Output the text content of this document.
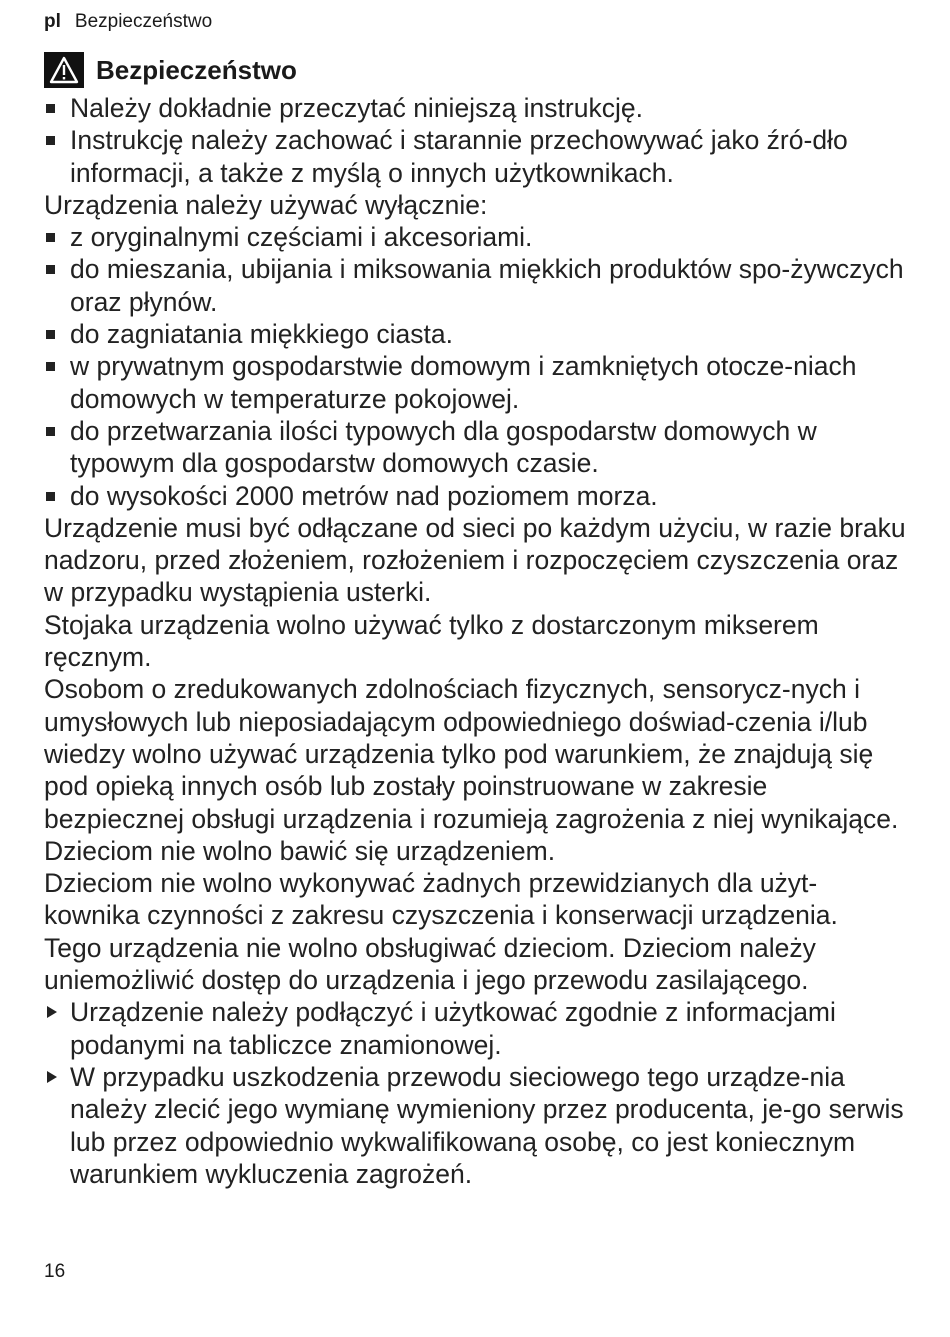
pl Bezpieczeństwo
Bezpieczeństwo

Należy dokładnie przeczytać niniejszą instrukcję.

Instrukcję należy zachować i starannie przechowywać jako źró-dło informacji, a także z myślą o innych użytkownikach.

Urządzenia należy używać wyłącznie:

z oryginalnymi częściami i akcesoriami.

do mieszania, ubijania i miksowania miękkich produktów spo-żywczych oraz płynów.

do zagniatania miękkiego ciasta.

w prywatnym gospodarstwie domowym i zamkniętych otocze-niach domowych w temperaturze pokojowej.

do przetwarzania ilości typowych dla gospodarstw domowych w typowym dla gospodarstw domowych czasie.

do wysokości 2000 metrów nad poziomem morza.

Urządzenie musi być odłączane od sieci po każdym użyciu, w razie braku nadzoru, przed złożeniem, rozłożeniem i rozpoczęciem czyszczenia oraz w przypadku wystąpienia usterki.

Stojaka urządzenia wolno używać tylko z dostarczonym mikserem ręcznym.

Osobom o zredukowanych zdolnościach fizycznych, sensorycz-nych i umysłowych lub nieposiadającym odpowiedniego doświad-czenia i/lub wiedzy wolno używać urządzenia tylko pod warunkiem, że znajdują się pod opieką innych osób lub zostały poinstruowane w zakresie bezpiecznej obsługi urządzenia i rozumieją zagrożenia z niej wynikające.

Dzieciom nie wolno bawić się urządzeniem.

Dzieciom nie wolno wykonywać żadnych przewidzianych dla użyt-kownika czynności z zakresu czyszczenia i konserwacji urządzenia.

Tego urządzenia nie wolno obsługiwać dzieciom. Dzieciom należy uniemożliwić dostęp do urządzenia i jego przewodu zasilającego.

Urządzenie należy podłączyć i użytkować zgodnie z informacjami podanymi na tabliczce znamionowej.

W przypadku uszkodzenia przewodu sieciowego tego urządze-nia należy zlecić jego wymianę wymieniony przez producenta, je-go serwis lub przez odpowiednio wykwalifikowaną osobę, co jest koniecznym warunkiem wykluczenia zagrożeń.

16
